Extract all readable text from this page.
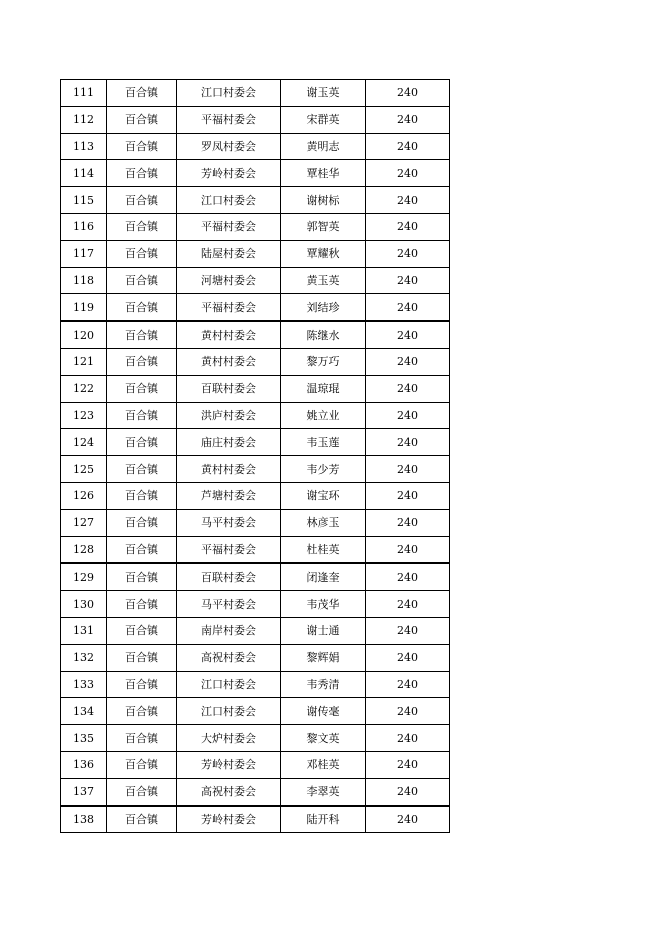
111	百合镇	江口村委会	谢玉英	240
112	百合镇	平福村委会	宋群英	240
113	百合镇	罗凤村委会	黄明志	240
114	百合镇	芳岭村委会	覃桂华	240
115	百合镇	江口村委会	谢树标	240
116	百合镇	平福村委会	郭智英	240
117	百合镇	陆屋村委会	覃耀秋	240
118	百合镇	河塘村委会	黄玉英	240
119	百合镇	平福村委会	刘结珍	240
120	百合镇	黄村村委会	陈继水	240
121	百合镇	黄村村委会	黎万巧	240
122	百合镇	百联村委会	温琼琨	240
123	百合镇	洪庐村委会	姚立业	240
124	百合镇	庙庄村委会	韦玉莲	240
125	百合镇	黄村村委会	韦少芳	240
126	百合镇	芦塘村委会	谢宝环	240
127	百合镇	马平村委会	林彦玉	240
128	百合镇	平福村委会	杜桂英	240
129	百合镇	百联村委会	闭逢奎	240
130	百合镇	马平村委会	韦茂华	240
131	百合镇	南岸村委会	谢士通	240
132	百合镇	高祝村委会	黎辉娟	240
133	百合镇	江口村委会	韦秀清	240
134	百合镇	江口村委会	谢传毫	240
135	百合镇	大炉村委会	黎文英	240
136	百合镇	芳岭村委会	邓桂英	240
137	百合镇	高祝村委会	李翠英	240
138	百合镇	芳岭村委会	陆开科	240
